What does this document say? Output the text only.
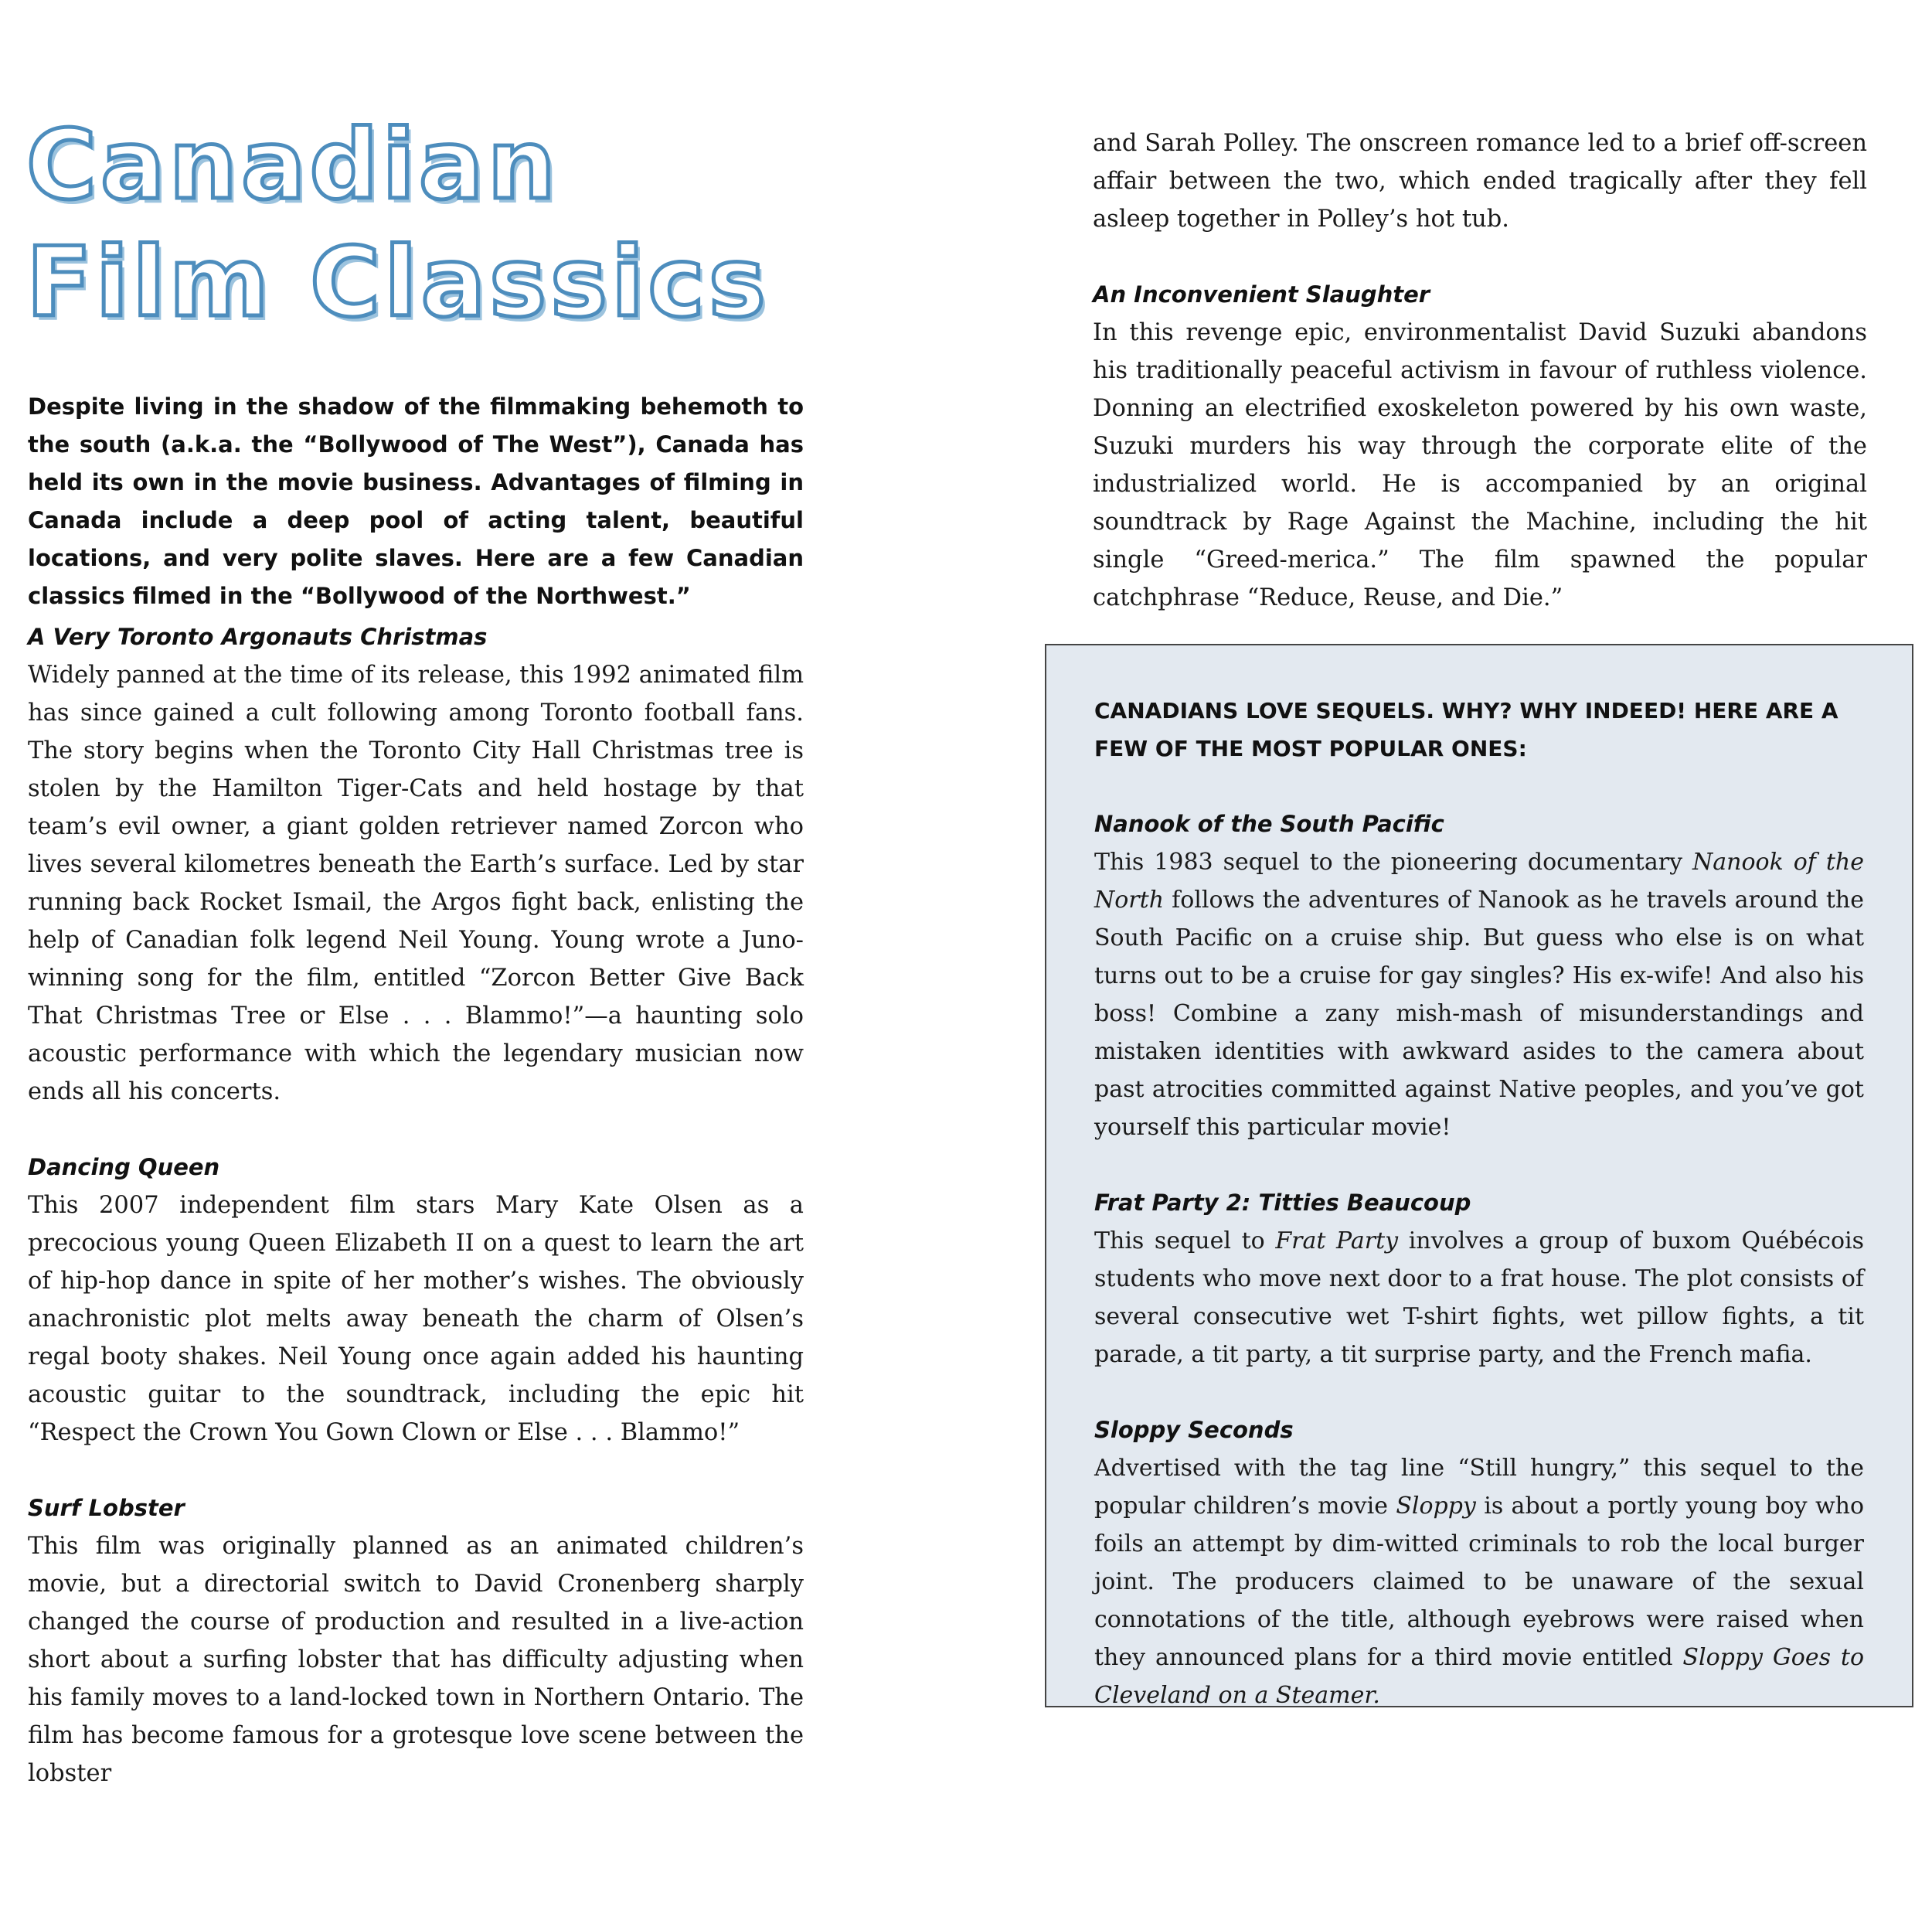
Canadian
Film Classics

Despite living in the shadow of the filmmaking behemoth to the south (a.k.a. the “Bollywood of The West”), Canada has held its own in the movie business. Advantages of filming in Canada include a deep pool of acting talent, beautiful locations, and very polite slaves. Here are a few Canadian classics filmed in the “Bollywood of the Northwest.”

A Very Toronto Argonauts Christmas

Widely panned at the time of its release, this 1992 animated film has since gained a cult following among Toronto football fans. The story begins when the Toronto City Hall Christmas tree is stolen by the Hamilton Tiger-Cats and held hostage by that team’s evil owner, a giant golden retriever named Zorcon who lives several kilometres beneath the Earth’s surface. Led by star running back Rocket Ismail, the Argos fight back, enlisting the help of Canadian folk legend Neil Young. Young wrote a Juno-winning song for the film, entitled “Zorcon Better Give Back That Christmas Tree or Else . . . Blammo!”—a haunting solo acoustic performance with which the legendary musician now ends all his concerts.

Dancing Queen

This 2007 independent film stars Mary Kate Olsen as a precocious young Queen Elizabeth II on a quest to learn the art of hip-hop dance in spite of her mother’s wishes. The obviously anachronistic plot melts away beneath the charm of Olsen’s regal booty shakes. Neil Young once again added his haunting acoustic guitar to the soundtrack, including the epic hit “Respect the Crown You Gown Clown or Else . . . Blammo!”

Surf Lobster

This film was originally planned as an animated children’s movie, but a directorial switch to David Cronenberg sharply changed the course of production and resulted in a live-action short about a surfing lobster that has difficulty adjusting when his family moves to a land-locked town in Northern Ontario. The film has become famous for a grotesque love scene between the lobster

and Sarah Polley. The onscreen romance led to a brief off-screen affair between the two, which ended tragically after they fell asleep together in Polley’s hot tub.

An Inconvenient Slaughter

In this revenge epic, environmentalist David Suzuki abandons his traditionally peaceful activism in favour of ruthless violence. Donning an electrified exoskeleton powered by his own waste, Suzuki murders his way through the corporate elite of the industrialized world. He is accompanied by an original soundtrack by Rage Against the Machine, including the hit single “Greed-merica.” The film spawned the popular catchphrase “Reduce, Reuse, and Die.”

CANADIANS LOVE SEQUELS. WHY? WHY INDEED! HERE ARE A FEW OF THE MOST POPULAR ONES:

Nanook of the South Pacific

This 1983 sequel to the pioneering documentary Nanook of the North follows the adventures of Nanook as he travels around the South Pacific on a cruise ship. But guess who else is on what turns out to be a cruise for gay singles? His ex-wife! And also his boss! Combine a zany mish-mash of misunderstandings and mistaken identities with awkward asides to the camera about past atrocities committed against Native peoples, and you’ve got yourself this particular movie!

Frat Party 2: Titties Beaucoup

This sequel to Frat Party involves a group of buxom Québécois students who move next door to a frat house. The plot consists of several consecutive wet T-shirt fights, wet pillow fights, a tit parade, a tit party, a tit surprise party, and the French mafia.

Sloppy Seconds

Advertised with the tag line “Still hungry,” this sequel to the popular children’s movie Sloppy is about a portly young boy who foils an attempt by dim-witted criminals to rob the local burger joint. The producers claimed to be unaware of the sexual connotations of the title, although eyebrows were raised when they announced plans for a third movie entitled Sloppy Goes to Cleveland on a Steamer.
